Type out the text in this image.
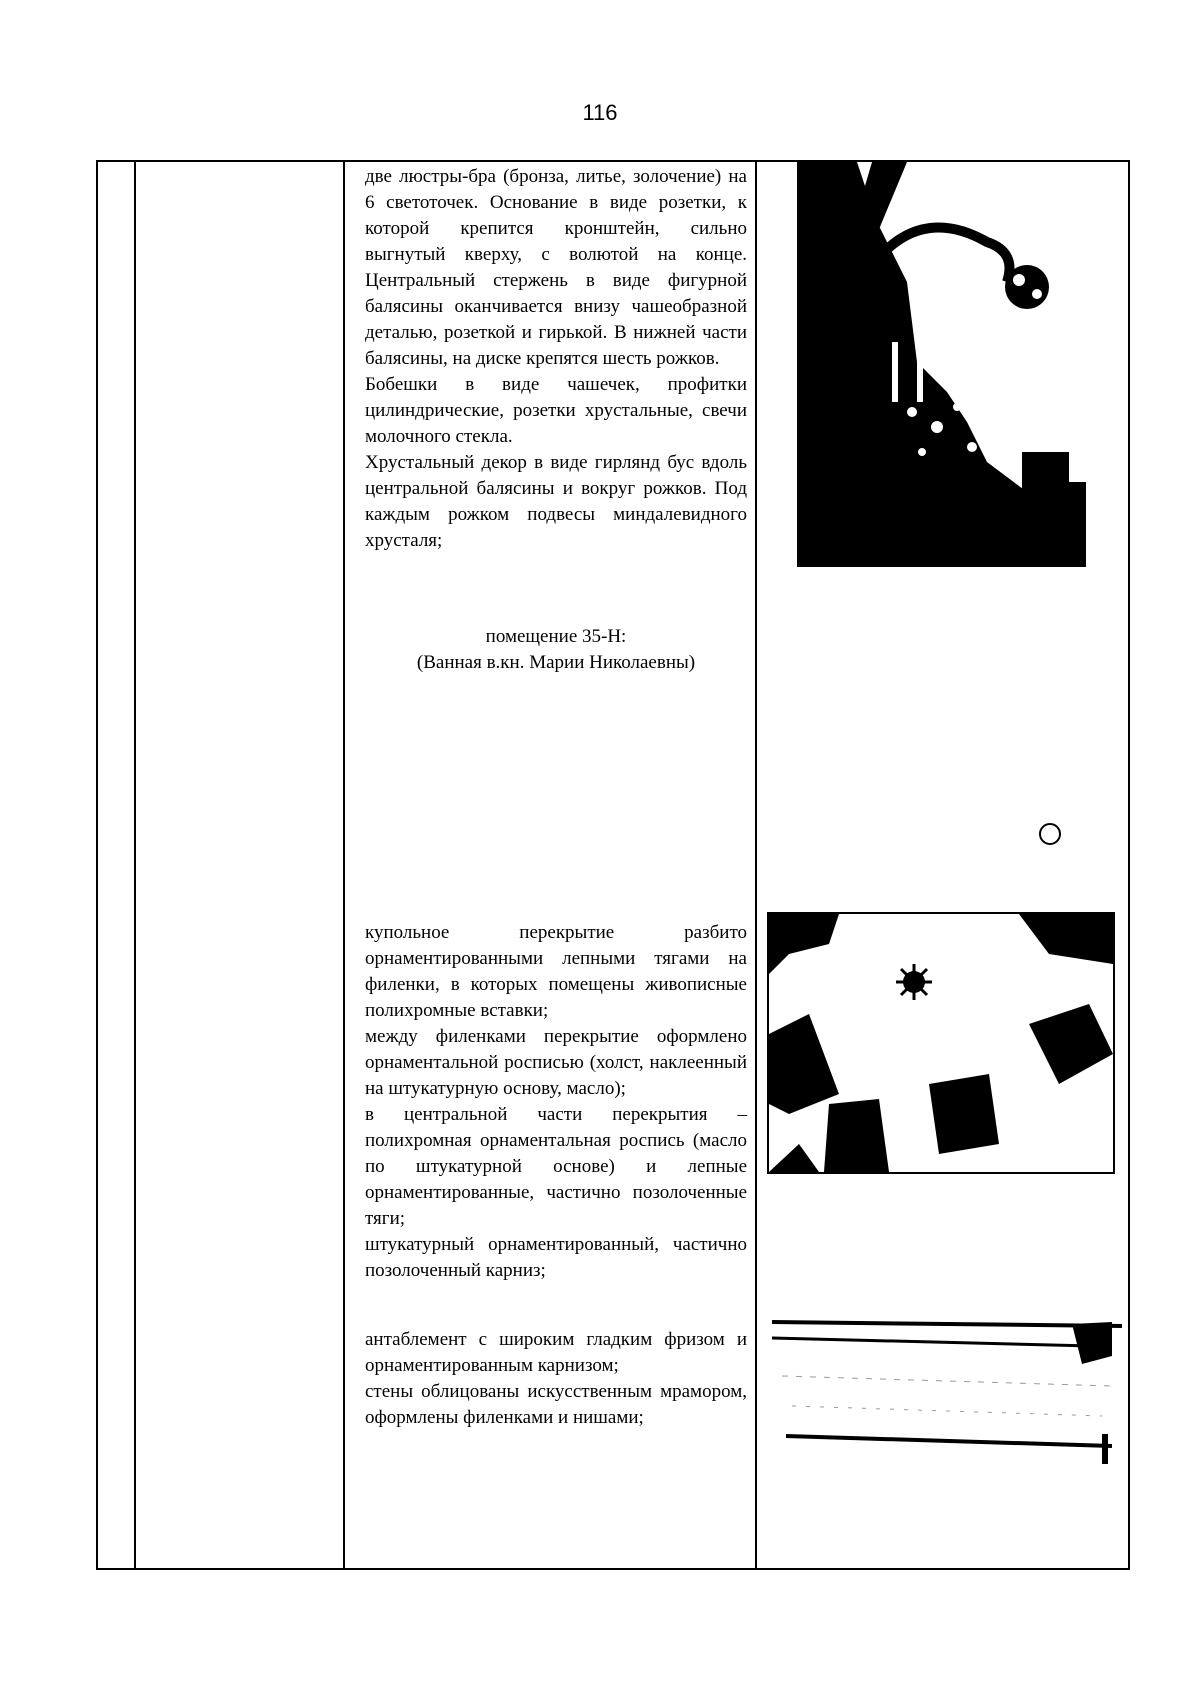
116

две люстры-бра (бронза, литье, золочение) на 6 светоточек. Основание в виде розетки, к которой крепится кронштейн, сильно выгнутый кверху, с волютой на конце. Центральный стержень в виде фигурной балясины оканчивается внизу чашеобразной деталью, розеткой и гирькой. В нижней части балясины, на диске крепятся шесть рожков.

Бобешки в виде чашечек, профитки цилиндрические, розетки хрустальные, свечи молочного стекла.

Хрустальный декор в виде гирлянд бус вдоль центральной балясины и вокруг рожков. Под каждым рожком подвесы миндалевидного хрусталя;

помещение 35-Н:

(Ванная в.кн. Марии Николаевны)

купольное перекрытие разбито орнаментированными лепными тягами на филенки, в которых помещены живописные полихромные вставки;

между филенками перекрытие оформлено орнаментальной росписью (холст, наклеенный на штукатурную основу, масло);

в центральной части перекрытия – полихромная орнаментальная роспись (масло по штукатурной основе) и лепные орнаментированные, частично позолоченные тяги;

штукатурный орнаментированный, частично позолоченный карниз;

антаблемент с широким гладким фризом и орнаментированным карнизом;

стены облицованы искусственным мрамором, оформлены филенками и нишами;
